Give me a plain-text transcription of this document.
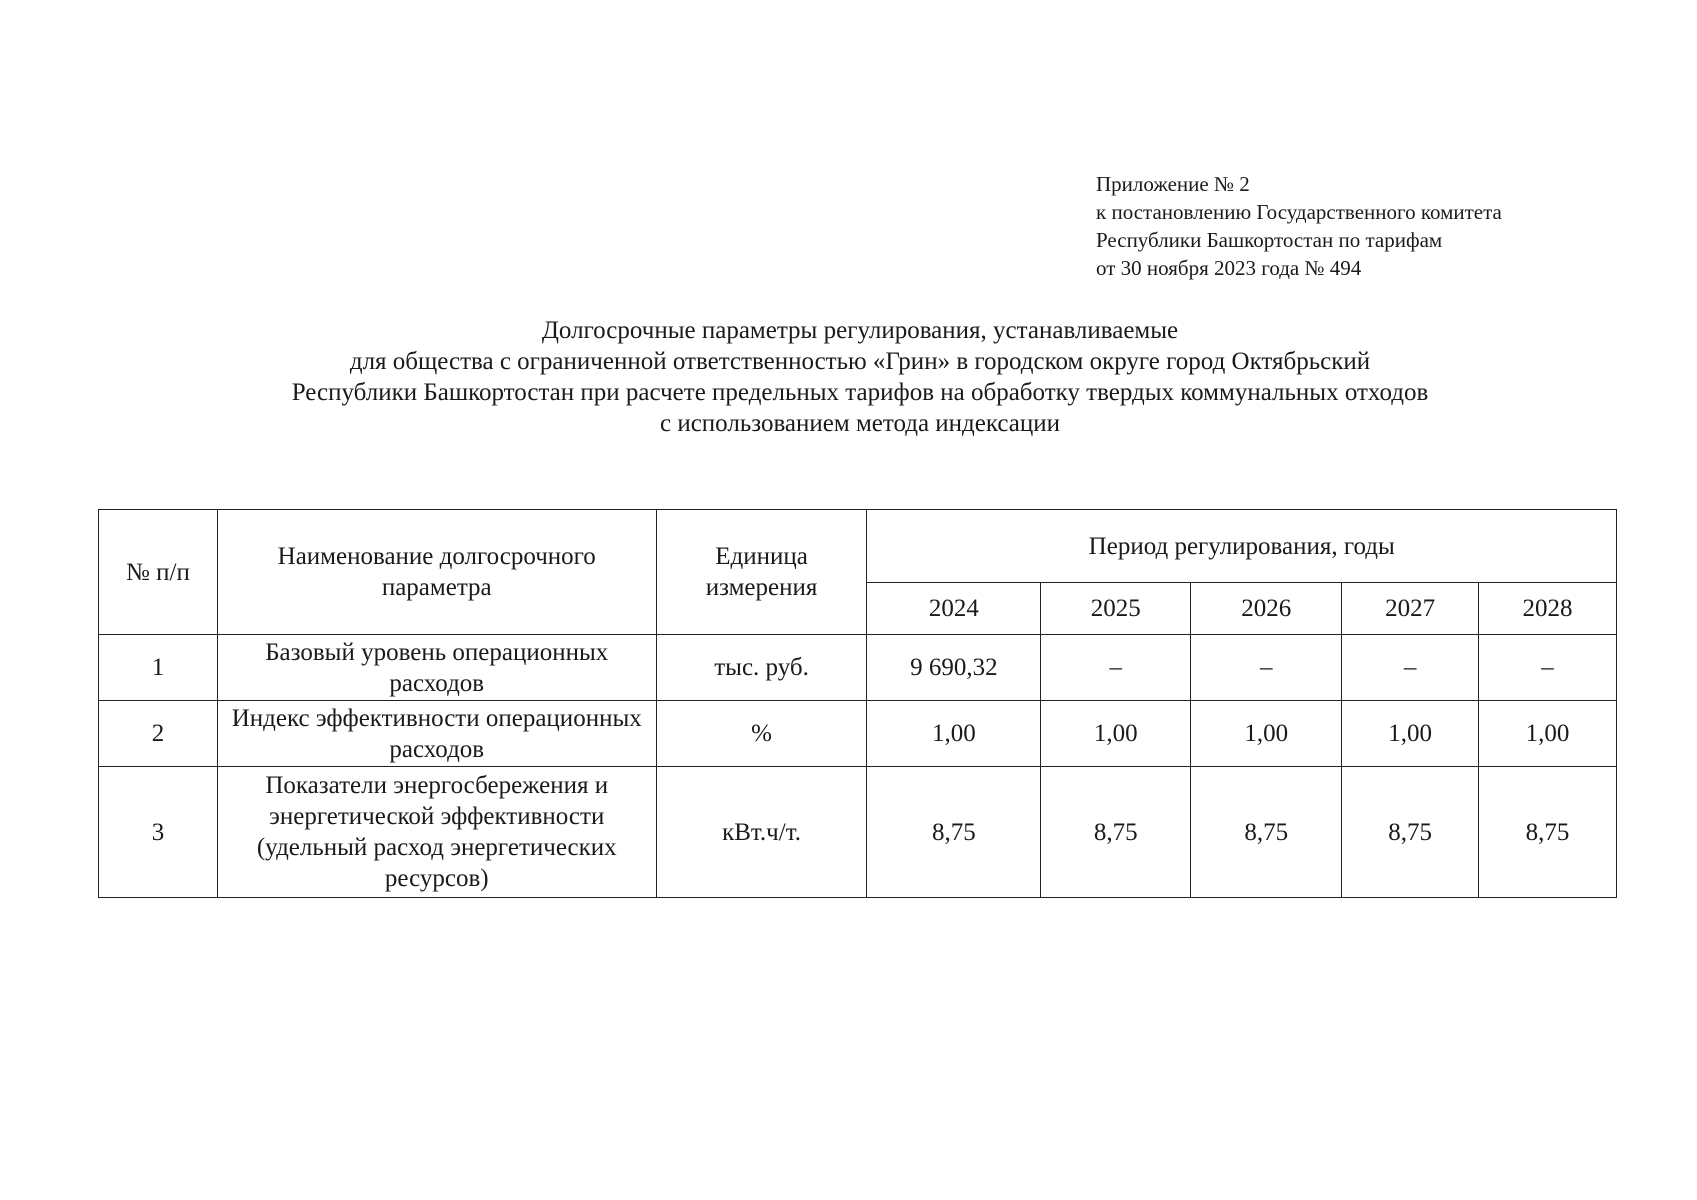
Приложение № 2
к постановлению Государственного комитета
Республики Башкортостан по тарифам
от 30 ноября 2023 года № 494
Долгосрочные параметры регулирования, устанавливаемые
для общества с ограниченной ответственностью «Грин» в городском округе город Октябрьский
Республики Башкортостан при расчете предельных тарифов на обработку твердых коммунальных отходов
с использованием метода индексации
№ п/п	Наименование долгосрочного параметра	Единица измерения	Период регулирования, годы				
			2024	2025	2026	2027	2028
1	Базовый уровень операционных расходов	тыс. руб.	9 690,32	–	–	–	–
2	Индекс эффективности операционных расходов	%	1,00	1,00	1,00	1,00	1,00
3	Показатели энергосбережения и энергетической эффективности (удельный расход энергетических ресурсов)	кВт.ч/т.	8,75	8,75	8,75	8,75	8,75
